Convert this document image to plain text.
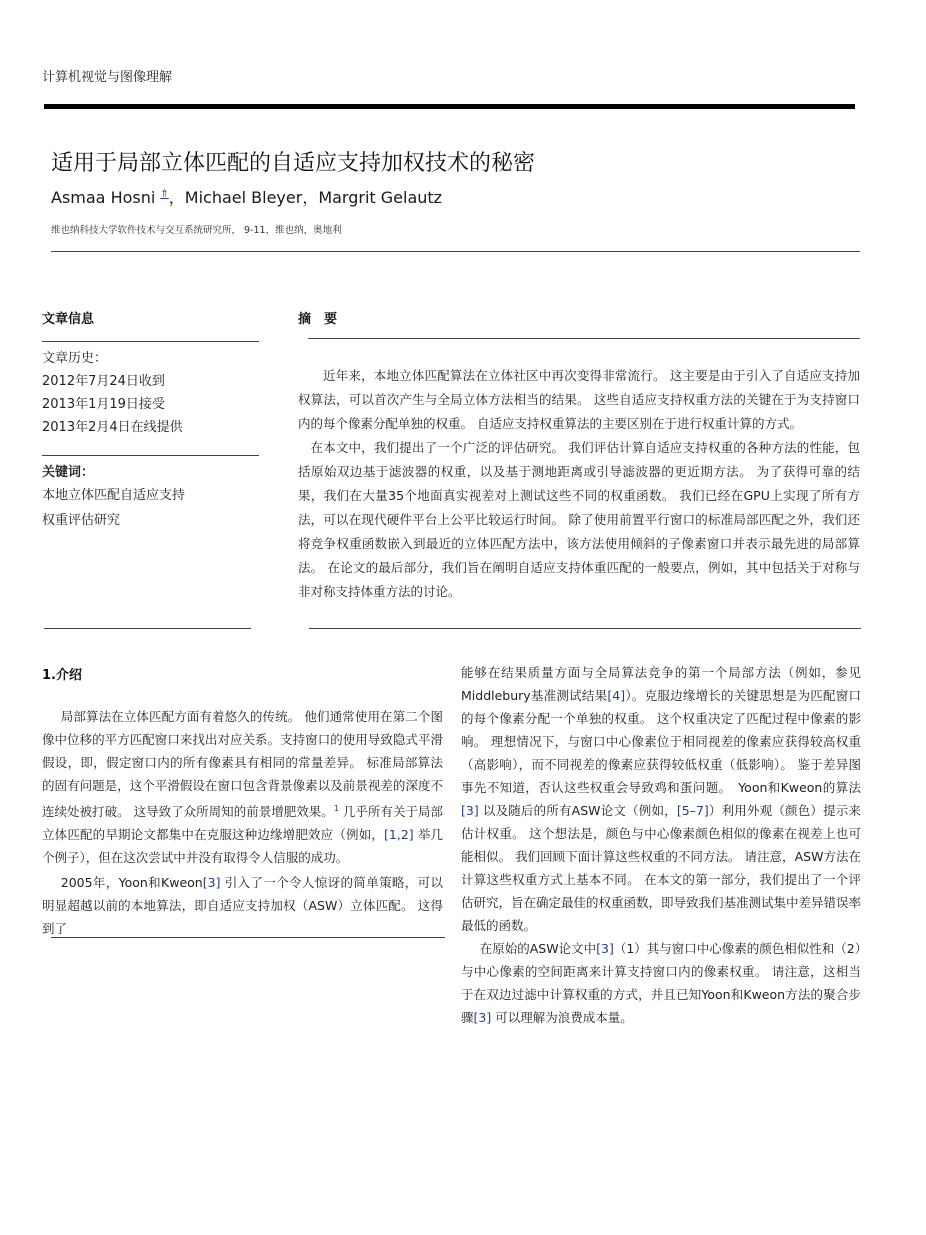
计算机视觉与图像理解
适用于局部立体匹配的自适应支持加权技术的秘密
Asmaa Hosni ⇑，Michael Bleyer，Margrit Gelautz
维也纳科技大学软件技术与交互系统研究所， 9-11，维也纳，奥地利
文章信息
文章历史：
2012年7月24日收到
2013年1月19日接受
2013年2月4日在线提供
关键词：
本地立体匹配自适应支持
权重评估研究
摘　要

近年来，本地立体匹配算法在立体社区中再次变得非常流行。 这主要是由于引入了自适应支持加权算法，可以首次产生与全局立体方法相当的结果。 这些自适应支持权重方法的关键在于为支持窗口内的每个像素分配单独的权重。 自适应支持权重算法的主要区别在于进行权重计算的方式。

在本文中，我们提出了一个广泛的评估研究。 我们评估计算自适应支持权重的各种方法的性能，包括原始双边基于滤波器的权重，以及基于测地距离或引导滤波器的更近期方法。 为了获得可靠的结果，我们在大量35个地面真实视差对上测试这些不同的权重函数。 我们已经在GPU上实现了所有方法，可以在现代硬件平台上公平比较运行时间。 除了使用前置平行窗口的标准局部匹配之外，我们还将竞争权重函数嵌入到最近的立体匹配方法中，该方法使用倾斜的子像素窗口并表示最先进的局部算法。 在论文的最后部分，我们旨在阐明自适应支持体重匹配的一般要点，例如，其中包括关于对称与非对称支持体重方法的讨论。

1.介绍

局部算法在立体匹配方面有着悠久的传统。 他们通常使用在第二个图像中位移的平方匹配窗口来找出对应关系。支持窗口的使用导致隐式平滑假设，即，假定窗口内的所有像素具有相同的常量差异。 标准局部算法的固有问题是，这个平滑假设在窗口包含背景像素以及前景视差的深度不连续处被打破。 这导致了众所周知的前景增肥效果。$^1$ 几乎所有关于局部立体匹配的早期论文都集中在克服这种边缘增肥效应（例如，[1,2] 举几个例子），但在这次尝试中并没有取得令人信服的成功。

2005年，Yoon和Kweon[3] 引入了一个令人惊讶的简单策略，可以明显超越以前的本地算法，即自适应支持加权（ASW）立体匹配。 这得到了

能够在结果质量方面与全局算法竞争的第一个局部方法（例如，参见Middlebury基准测试结果[4]）。克服边缘增长的关键思想是为匹配窗口的每个像素分配一个单独的权重。 这个权重决定了匹配过程中像素的影响。 理想情况下，与窗口中心像素位于相同视差的像素应获得较高权重（高影响），而不同视差的像素应获得较低权重（低影响）。 鉴于差异图事先不知道，否认这些权重会导致鸡和蛋问题。　Yoon和Kweon的算法[3] 以及随后的所有ASW论文（例如，[5–7]）利用外观（颜色）提示来估计权重。 这个想法是，颜色与中心像素颜色相似的像素在视差上也可能相似。 我们回顾下面计算这些权重的不同方法。 请注意，ASW方法在计算这些权重方式上基本不同。 在本文的第一部分，我们提出了一个评估研究，旨在确定最佳的权重函数，即导致我们基准测试集中差异错误率最低的函数。

在原始的ASW论文中[3]（1）其与窗口中心像素的颜色相似性和（2）与中心像素的空间距离来计算支持窗口内的像素权重。 请注意，这相当于在双边过滤中计算权重的方式，并且已知Yoon和Kweon方法的聚合步骤[3] 可以理解为浪费成本量。
